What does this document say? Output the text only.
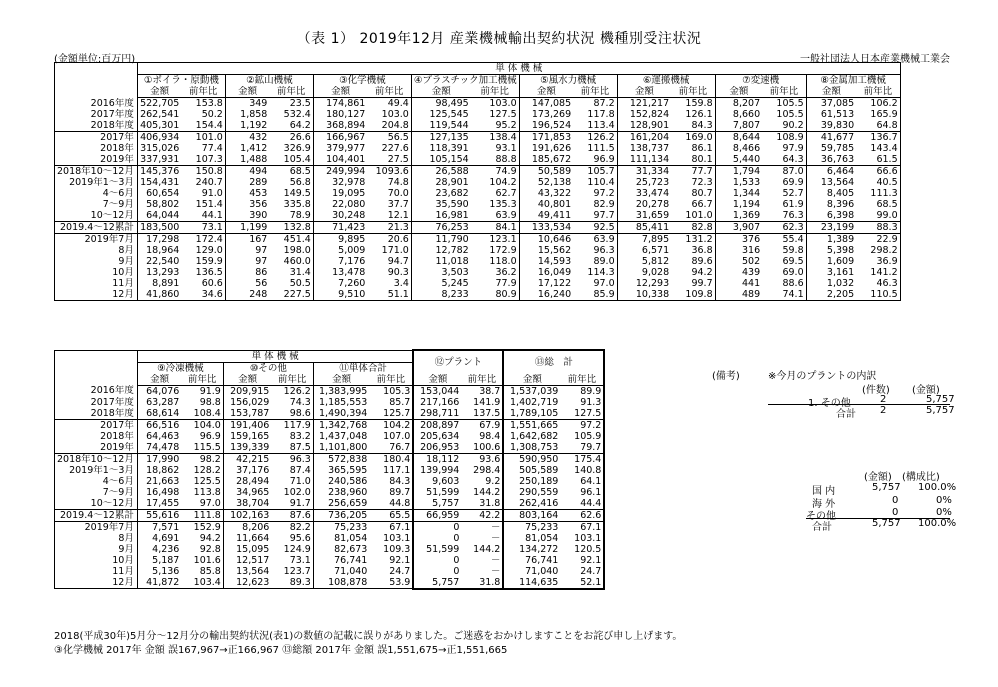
（表 1） 2019年12月 産業機械輸出契約状況 機種別受注状況
(金額単位:百万円)	一般社団法人日本産業機械工業会
	単 体 機 械															
	①ボイラ・原動機		②鉱山機械		③化学機械		④プラスチック加工機械		⑤風水力機械		⑥運搬機械		⑦変速機		⑧金属加工機械	
	金額	前年比	金額	前年比	金額	前年比	金額	前年比	金額	前年比	金額	前年比	金額	前年比	金額	前年比
2016年度	522,705	153.8	349	23.5	174,861	49.4	98,495	103.0	147,085	87.2	121,217	159.8	8,207	105.5	37,085	106.2
2017年度	262,541	50.2	1,858	532.4	180,127	103.0	125,545	127.5	173,269	117.8	152,824	126.1	8,660	105.5	61,513	165.9
2018年度	405,301	154.4	1,192	64.2	368,894	204.8	119,544	95.2	196,524	113.4	128,901	84.3	7,807	90.2	39,830	64.8
2017年	406,934	101.0	432	26.6	166,967	56.5	127,135	138.4	171,853	126.2	161,204	169.0	8,644	108.9	41,677	136.7
2018年	315,026	77.4	1,412	326.9	379,977	227.6	118,391	93.1	191,626	111.5	138,737	86.1	8,466	97.9	59,785	143.4
2019年	337,931	107.3	1,488	105.4	104,401	27.5	105,154	88.8	185,672	96.9	111,134	80.1	5,440	64.3	36,763	61.5
2018年10～12月	145,376	150.8	494	68.5	249,994	1093.6	26,588	74.9	50,589	105.7	31,334	77.7	1,794	87.0	6,464	66.6
2019年1～3月	154,431	240.7	289	56.8	32,978	74.8	28,901	104.2	52,138	110.4	25,723	72.3	1,533	69.9	13,564	40.5
4～6月	60,654	91.0	453	149.5	19,095	70.0	23,682	62.7	43,322	97.2	33,474	80.7	1,344	52.7	8,405	111.3
7～9月	58,802	151.4	356	335.8	22,080	37.7	35,590	135.3	40,801	82.9	20,278	66.7	1,194	61.9	8,396	68.5
10～12月	64,044	44.1	390	78.9	30,248	12.1	16,981	63.9	49,411	97.7	31,659	101.0	1,369	76.3	6,398	99.0
2019.4～12累計	183,500	73.1	1,199	132.8	71,423	21.3	76,253	84.1	133,534	92.5	85,411	82.8	3,907	62.3	23,199	88.3
2019年7月	17,298	172.4	167	451.4	9,895	20.6	11,790	123.1	10,646	63.9	7,895	131.2	376	55.4	1,389	22.9
8月	18,964	129.0	97	198.0	5,009	171.0	12,782	172.9	15,562	96.3	6,571	36.8	316	59.8	5,398	298.2
9月	22,540	159.9	97	460.0	7,176	94.7	11,018	118.0	14,593	89.0	5,812	89.6	502	69.5	1,609	36.9
10月	13,293	136.5	86	31.4	13,478	90.3	3,503	36.2	16,049	114.3	9,028	94.2	439	69.0	3,161	141.2
11月	8,891	60.6	56	50.5	7,260	3.4	5,245	77.9	17,122	97.0	12,293	99.7	441	88.6	1,032	46.3
12月	41,860	34.6	248	227.5	9,510	51.1	8,233	80.9	16,240	85.9	10,338	109.8	489	74.1	2,205	110.5
	単 体 機 械						⑫プラント		⑬総　計	
	⑨冷凍機械		⑩その他		⑪単体合計					
	金額	前年比	金額	前年比	金額	前年比	金額	前年比	金額	前年比
2016年度	64,076	91.9	209,915	126.2	1,383,995	105.3	153,044	38.7	1,537,039	89.9
2017年度	63,287	98.8	156,029	74.3	1,185,553	85.7	217,166	141.9	1,402,719	91.3
2018年度	68,614	108.4	153,787	98.6	1,490,394	125.7	298,711	137.5	1,789,105	127.5
2017年	66,516	104.0	191,406	117.9	1,342,768	104.2	208,897	67.9	1,551,665	97.2
2018年	64,463	96.9	159,165	83.2	1,437,048	107.0	205,634	98.4	1,642,682	105.9
2019年	74,478	115.5	139,339	87.5	1,101,800	76.7	206,953	100.6	1,308,753	79.7
2018年10～12月	17,990	98.2	42,215	96.3	572,838	180.4	18,112	93.6	590,950	175.4
2019年1～3月	18,862	128.2	37,176	87.4	365,595	117.1	139,994	298.4	505,589	140.8
4～6月	21,663	125.5	28,494	71.0	240,586	84.3	9,603	9.2	250,189	64.1
7～9月	16,498	113.8	34,965	102.0	238,960	89.7	51,599	144.2	290,559	96.1
10～12月	17,455	97.0	38,704	91.7	256,659	44.8	5,757	31.8	262,416	44.4
2019.4～12累計	55,616	111.8	102,163	87.6	736,205	65.5	66,959	42.2	803,164	62.6
2019年7月	7,571	152.9	8,206	82.2	75,233	67.1	0	－	75,233	67.1
8月	4,691	94.2	11,664	95.6	81,054	103.1	0	－	81,054	103.1
9月	4,236	92.8	15,095	124.9	82,673	109.3	51,599	144.2	134,272	120.5
10月	5,187	101.6	12,517	73.1	76,741	92.1	0	－	76,741	92.1
11月	5,136	85.8	13,564	123.7	71,040	24.7	0	－	71,040	24.7
12月	41,872	103.4	12,623	89.3	108,878	53.9	5,757	31.8	114,635	52.1
(備考)	※今月のプラントの内訳
(件数) (金額)
1. その他	2	5,757
合計 2	5,757
(金額) (構成比)
国 内	5,757 100.0%
海 外	0	0%
その他	0	0%
合計	5,757 100.0%
2018(平成30年)5月分～12月分の輸出契約状況(表1)の数値の記載に誤りがありました。ご迷惑をおかけしますことをお詫び申し上げます。
③化学機械 2017年 金額 誤167,967→正166,967 ⑬総額 2017年 金額 誤1,551,675→正1,551,665
